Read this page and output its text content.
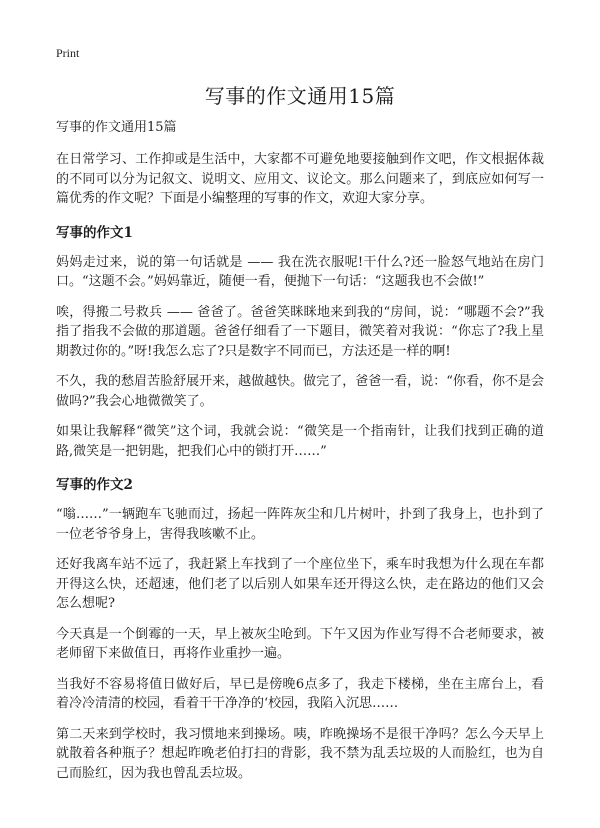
Print
写事的作文通用15篇
写事的作文通用15篇

在日常学习、工作抑或是生活中，大家都不可避免地要接触到作文吧，作文根据体裁的不同可以分为记叙文、说明文、应用文、议论文。那么问题来了，到底应如何写一篇优秀的作文呢？下面是小编整理的写事的作文，欢迎大家分享。

写事的作文1

妈妈走过来，说的第一句话就是 —— 我在洗衣服呢!干什么?还一脸怒气地站在房门口。“这题不会。”妈妈靠近，随便一看，便抛下一句话：“这题我也不会做!”

唉，得搬二号救兵 —— 爸爸了。爸爸笑眯眯地来到我的“房间，说：“哪题不会?”我指了指我不会做的那道题。爸爸仔细看了一下题目，微笑着对我说：“你忘了?我上星期教过你的。”呀!我怎么忘了?只是数字不同而已，方法还是一样的啊!

不久，我的愁眉苦脸舒展开来，越做越快。做完了，爸爸一看，说：“你看，你不是会做吗?”我会心地微微笑了。

如果让我解释“微笑”这个词，我就会说：“微笑是一个指南针，让我们找到正确的道路,微笑是一把钥匙，把我们心中的锁打开……”

写事的作文2

“嗡……”一辆跑车飞驰而过，扬起一阵阵灰尘和几片树叶，扑到了我身上，也扑到了一位老爷爷身上，害得我咳嗽不止。

还好我离车站不远了，我赶紧上车找到了一个座位坐下，乘车时我想为什么现在车都开得这么快，还超速，他们老了以后别人如果车还开得这么快，走在路边的他们又会怎么想呢?

今天真是一个倒霉的一天，早上被灰尘呛到。下午又因为作业写得不合老师要求，被老师留下来做值日，再将作业重抄一遍。

当我好不容易将值日做好后，早已是傍晚6点多了，我走下楼梯，坐在主席台上，看着冷冷清清的校园，看着干干净净的‘校园，我陷入沉思……

第二天来到学校时，我习惯地来到操场。咦，昨晚操场不是很干净吗？怎么今天早上就散着各种瓶子？想起昨晚老伯打扫的背影，我不禁为乱丢垃圾的人而脸红，也为自己而脸红，因为我也曾乱丢垃圾。
